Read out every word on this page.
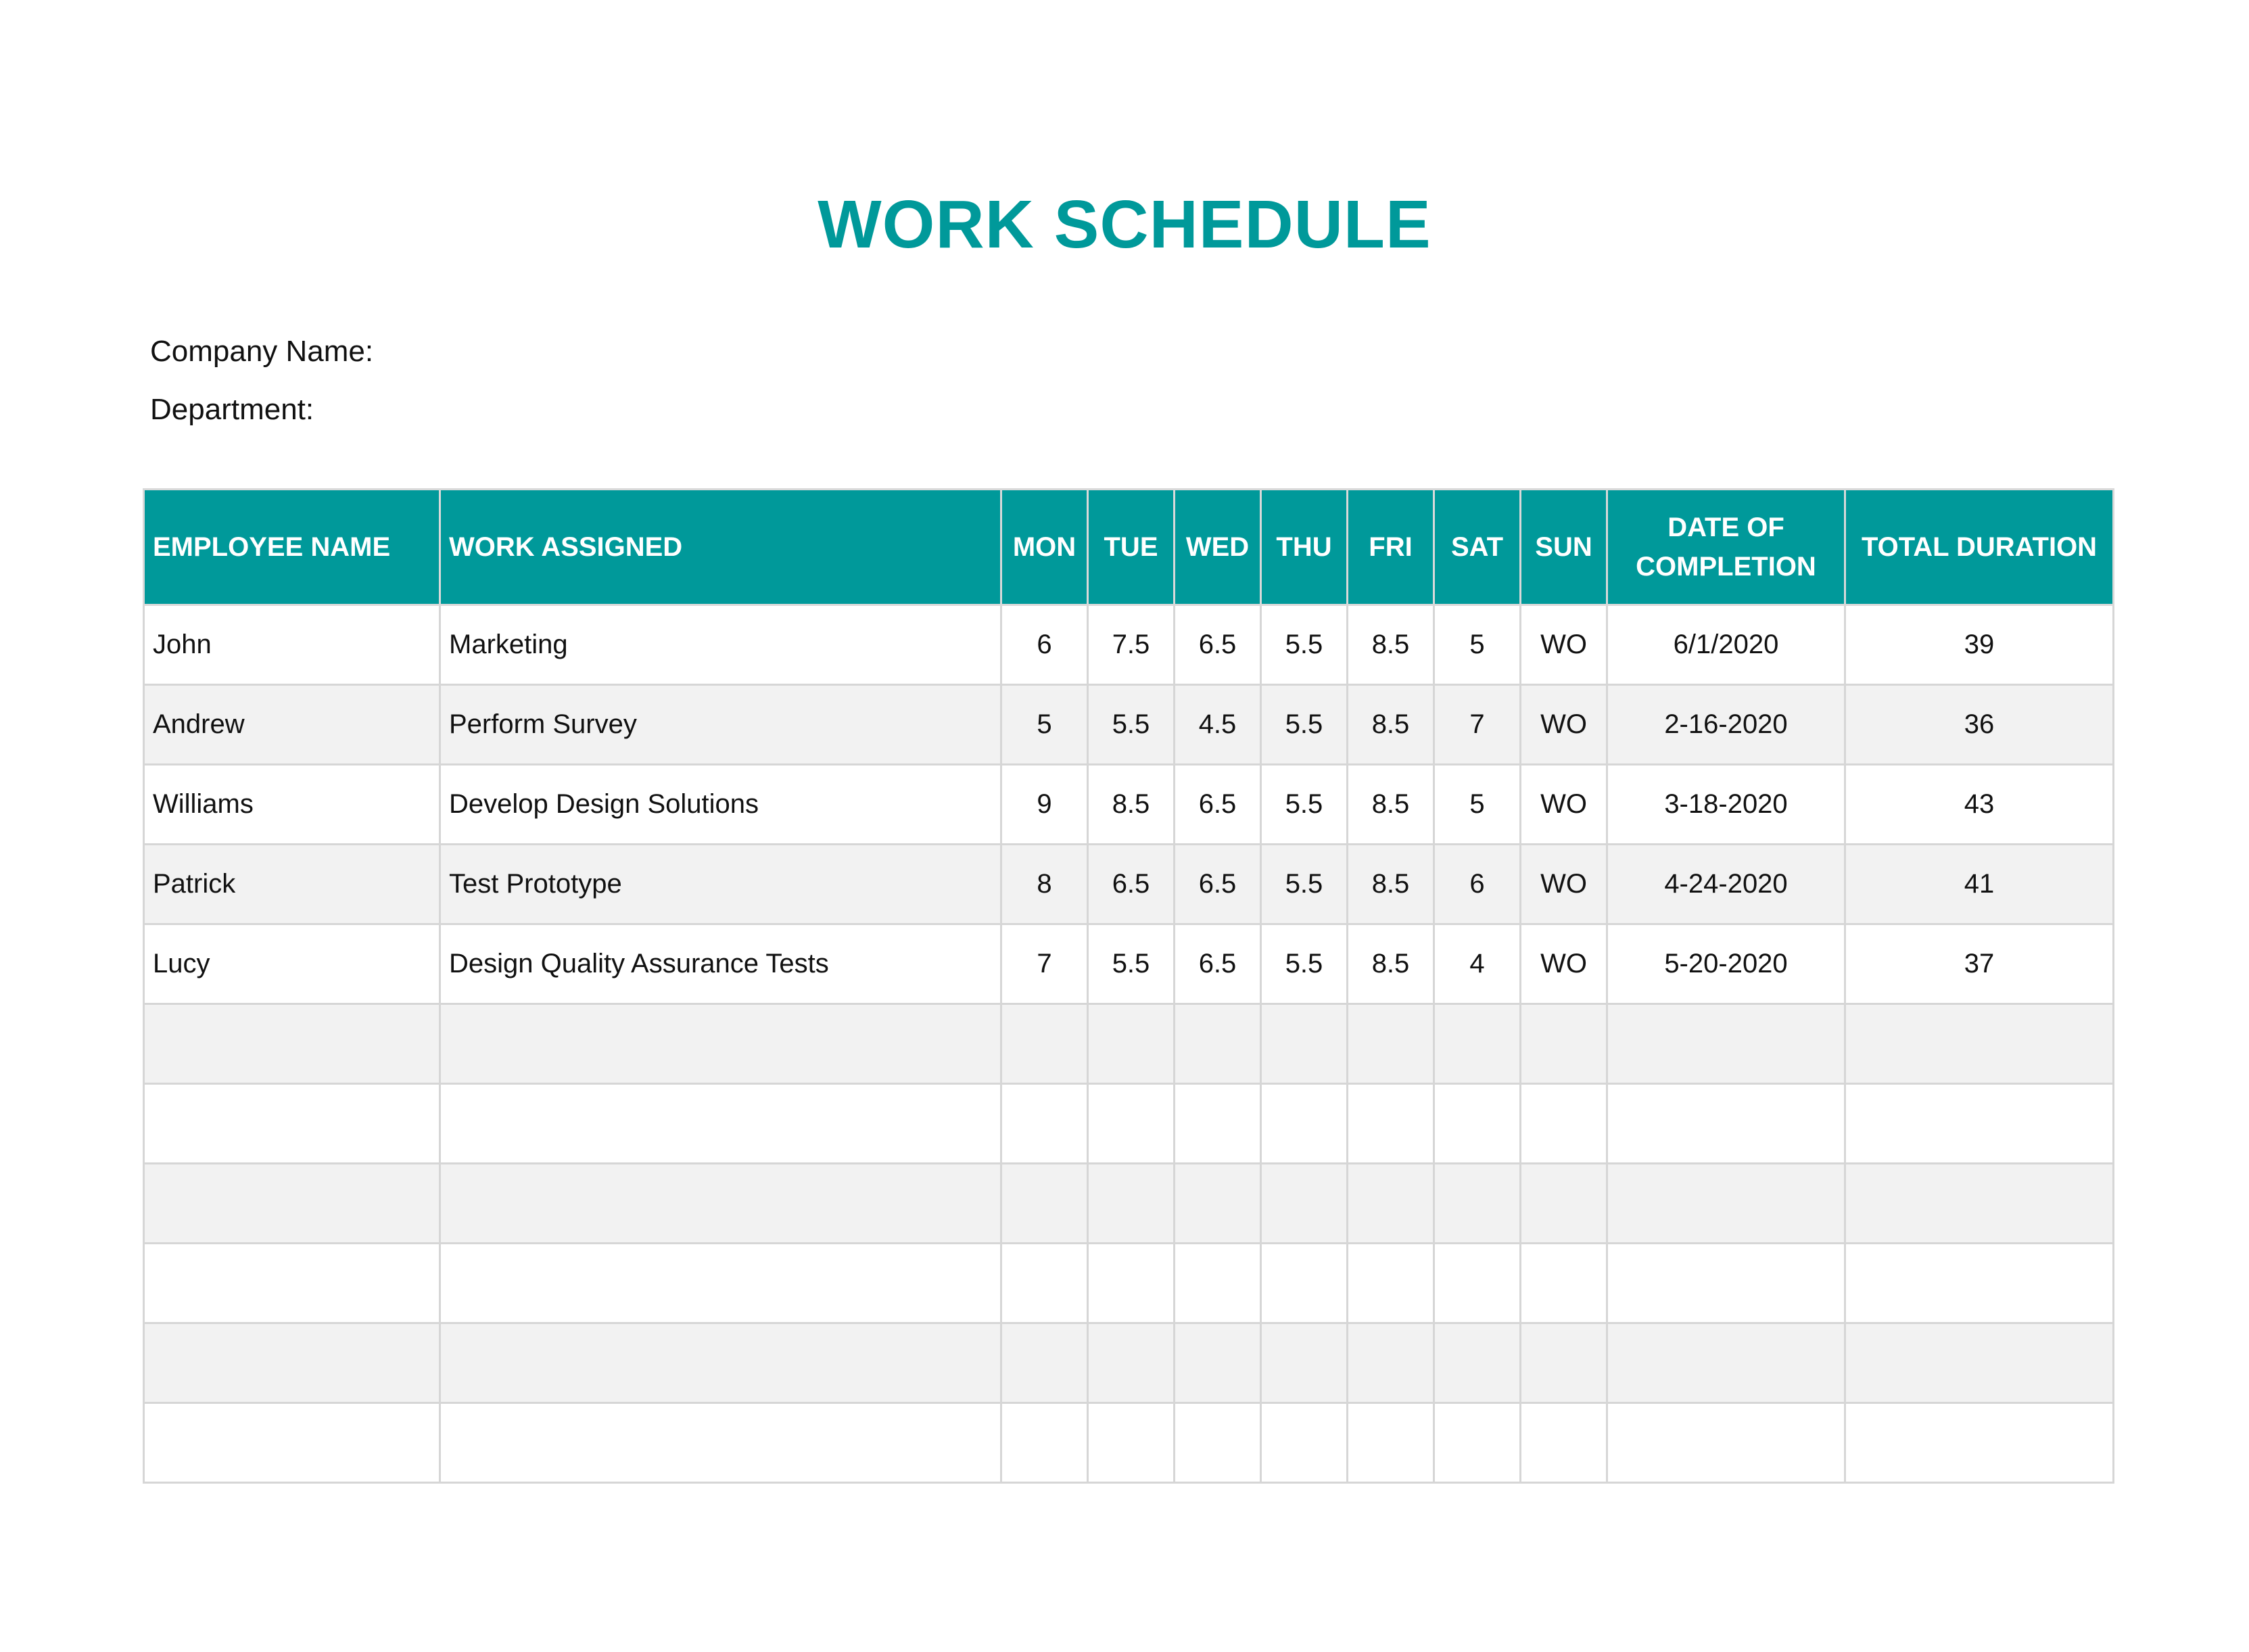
WORK SCHEDULE
Company Name:
Department:
EMPLOYEE NAME	WORK ASSIGNED	MON	TUE	WED	THU	FRI	SAT	SUN	DATE OF COMPLETION	TOTAL DURATION
John	Marketing	6	7.5	6.5	5.5	8.5	5	WO	6/1/2020	39
Andrew	Perform Survey	5	5.5	4.5	5.5	8.5	7	WO	2-16-2020	36
Williams	Develop Design Solutions	9	8.5	6.5	5.5	8.5	5	WO	3-18-2020	43
Patrick	Test Prototype	8	6.5	6.5	5.5	8.5	6	WO	4-24-2020	41
Lucy	Design Quality Assurance Tests	7	5.5	6.5	5.5	8.5	4	WO	5-20-2020	37
